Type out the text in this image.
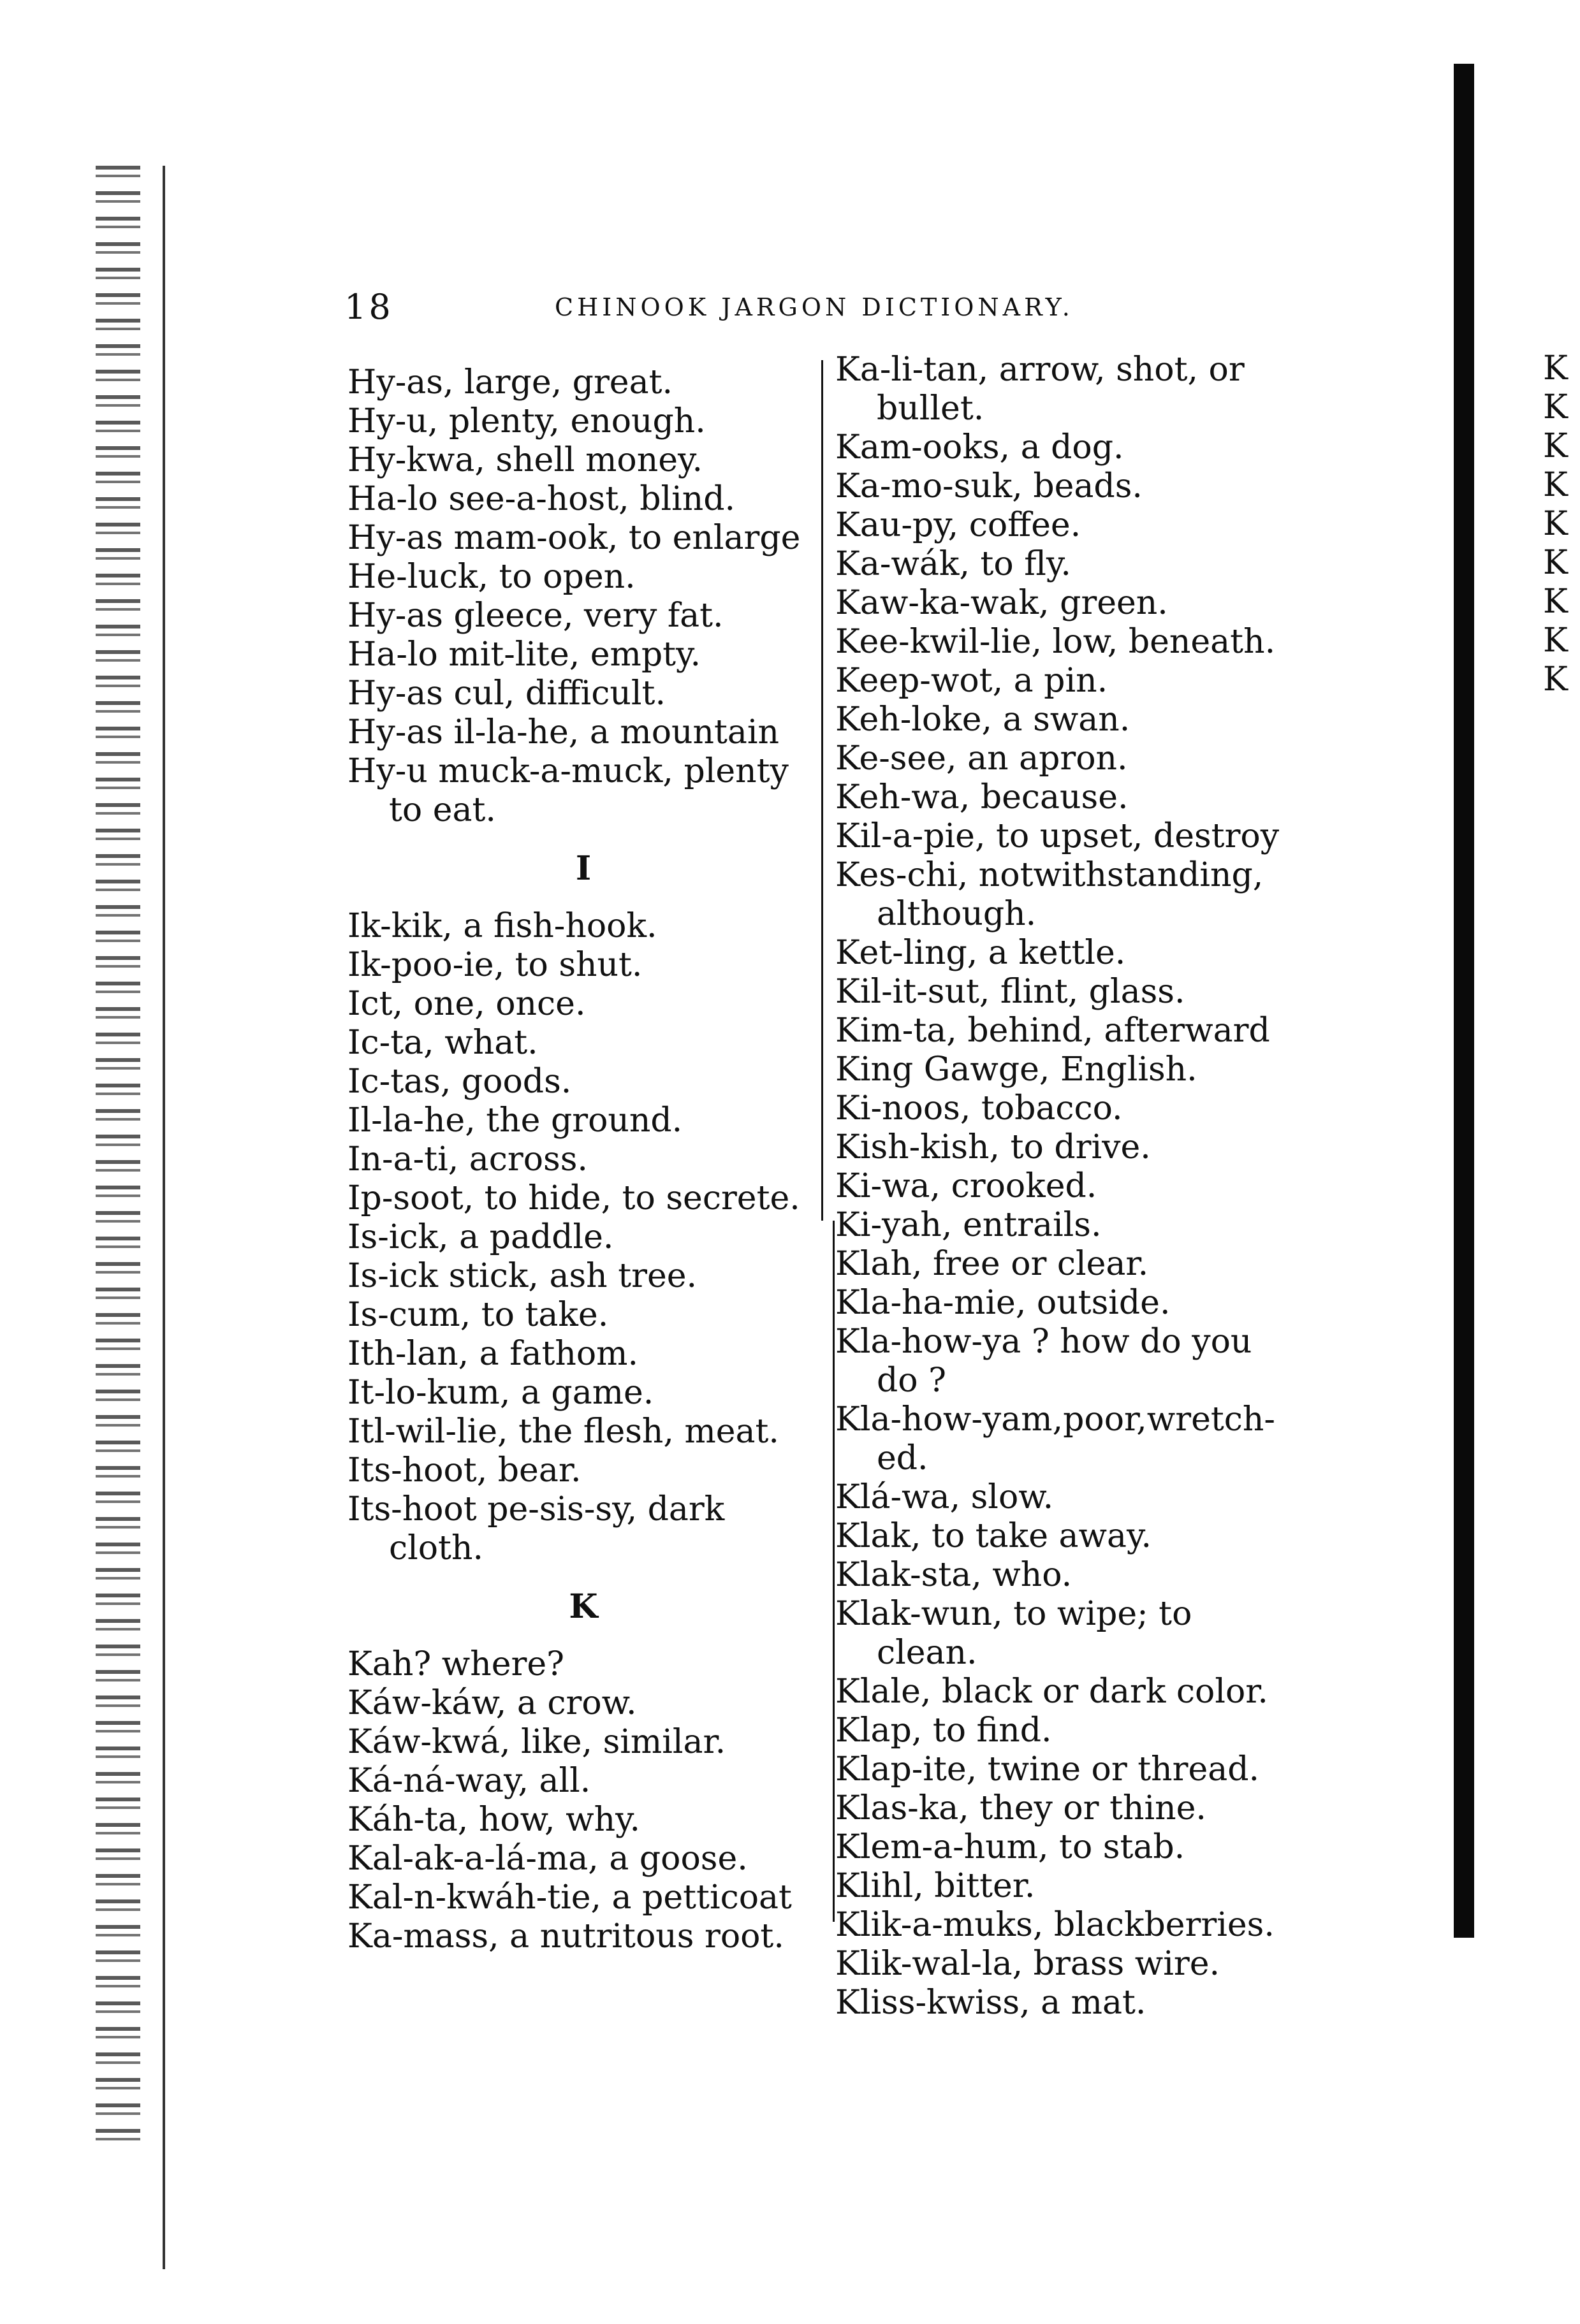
18	CHINOOK JARGON DICTIONARY.
Hy-as, large, great.
Hy-u, plenty, enough.
Hy-kwa, shell money.
Ha-lo see-a-host, blind.
Hy-as mam-ook, to enlarge
He-luck, to open.
Hy-as gleece, very fat.
Ha-lo mit-lite, empty.
Hy-as cul, difficult.
Hy-as il-la-he, a mountain
Hy-u muck-a-muck, plenty
to eat.
I
Ik-kik, a fish-hook.
Ik-poo-ie, to shut.
Ict, one, once.
Ic-ta, what.
Ic-tas, goods.
Il-la-he, the ground.
In-a-ti, across.
Ip-soot, to hide, to secrete.
Is-ick, a paddle.
Is-ick stick, ash tree.
Is-cum, to take.
Ith-lan, a fathom.
It-lo-kum, a game.
Itl-wil-lie, the flesh, meat.
Its-hoot, bear.
Its-hoot pe-sis-sy, dark
cloth.
K
Kah? where?
Káw-káw, a crow.
Káw-kwá, like, similar.
Ká-ná-way, all.
Káh-ta, how, why.
Kal-ak-a-lá-ma, a goose.
Kal-n-kwáh-tie, a petticoat
Ka-mass, a nutritous root.
Ka-li-tan, arrow, shot, or
bullet.
Kam-ooks, a dog.
Ka-mo-suk, beads.
Kau-py, coffee.
Ka-wák, to fly.
Kaw-ka-wak, green.
Kee-kwil-lie, low, beneath.
Keep-wot, a pin.
Keh-loke, a swan.
Ke-see, an apron.
Keh-wa, because.
Kil-a-pie, to upset, destroy
Kes-chi, notwithstanding,
although.
Ket-ling, a kettle.
Kil-it-sut, flint, glass.
Kim-ta, behind, afterward
King Gawge, English.
Ki-noos, tobacco.
Kish-kish, to drive.
Ki-wa, crooked.
Ki-yah, entrails.
Klah, free or clear.
Kla-ha-mie, outside.
Kla-how-ya ? how do you
do ?
Kla-how-yam,poor,wretch-
ed.
Klá-wa, slow.
Klak, to take away.
Klak-sta, who.
Klak-wun, to wipe; to
clean.
Klale, black or dark color.
Klap, to find.
Klap-ite, twine or thread.
Klas-ka, they or thine.
Klem-a-hum, to stab.
Klihl, bitter.
Klik-a-muks, blackberries.
Klik-wal-la, brass wire.
Kliss-kwiss, a mat.
K
K
K
K
K
K
K
K
K
